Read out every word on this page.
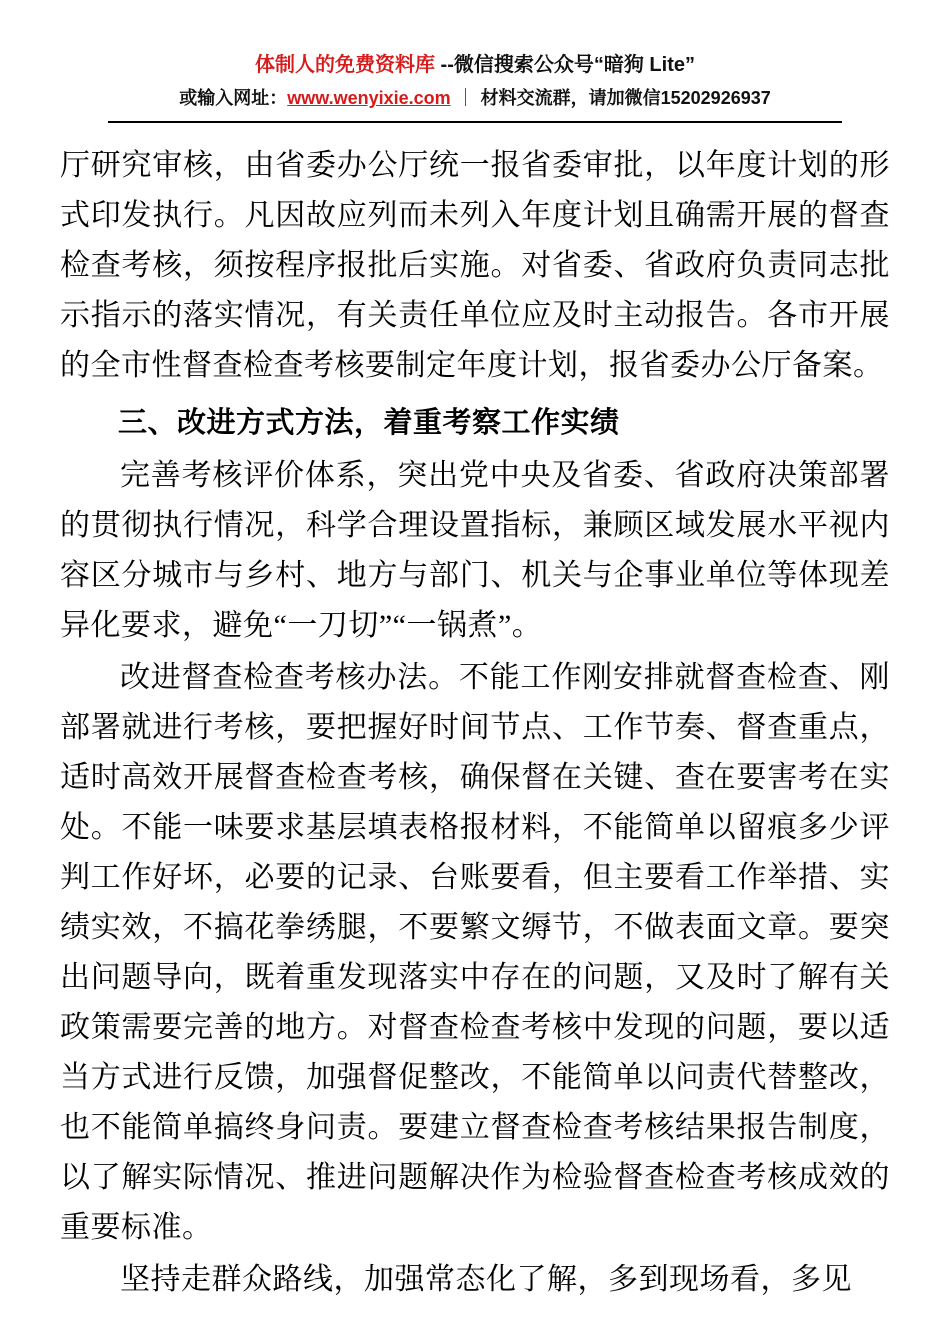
体制人的免费资料库 --微信搜索公众号“暗狗 Lite”
或输入网址：www.wenyixie.com ｜ 材料交流群，请加微信15202926937

厅研究审核，由省委办公厅统一报省委审批，以年度计划的形式印发执行。凡因故应列而未列入年度计划且确需开展的督查检查考核，须按程序报批后实施。对省委、省政府负责同志批示指示的落实情况，有关责任单位应及时主动报告。各市开展的全市性督查检查考核要制定年度计划，报省委办公厅备案。

三、改进方式方法，着重考察工作实绩

完善考核评价体系，突出党中央及省委、省政府决策部署的贯彻执行情况，科学合理设置指标，兼顾区域发展水平视内容区分城市与乡村、地方与部门、机关与企事业单位等体现差异化要求，避免“一刀切”“一锅煮”。

改进督查检查考核办法。不能工作刚安排就督查检查、刚部署就进行考核，要把握好时间节点、工作节奏、督查重点，适时高效开展督查检查考核，确保督在关键、查在要害考在实处。不能一味要求基层填表格报材料，不能简单以留痕多少评判工作好坏，必要的记录、台账要看，但主要看工作举措、实绩实效，不搞花拳绣腿，不要繁文缛节，不做表面文章。要突出问题导向，既着重发现落实中存在的问题，又及时了解有关政策需要完善的地方。对督查检查考核中发现的问题，要以适当方式进行反馈，加强督促整改，不能简单以问责代替整改，也不能简单搞终身问责。要建立督查检查考核结果报告制度，以了解实际情况、推进问题解决作为检验督查检查考核成效的重要标准。

坚持走群众路线，加强常态化了解，多到现场看，多见
